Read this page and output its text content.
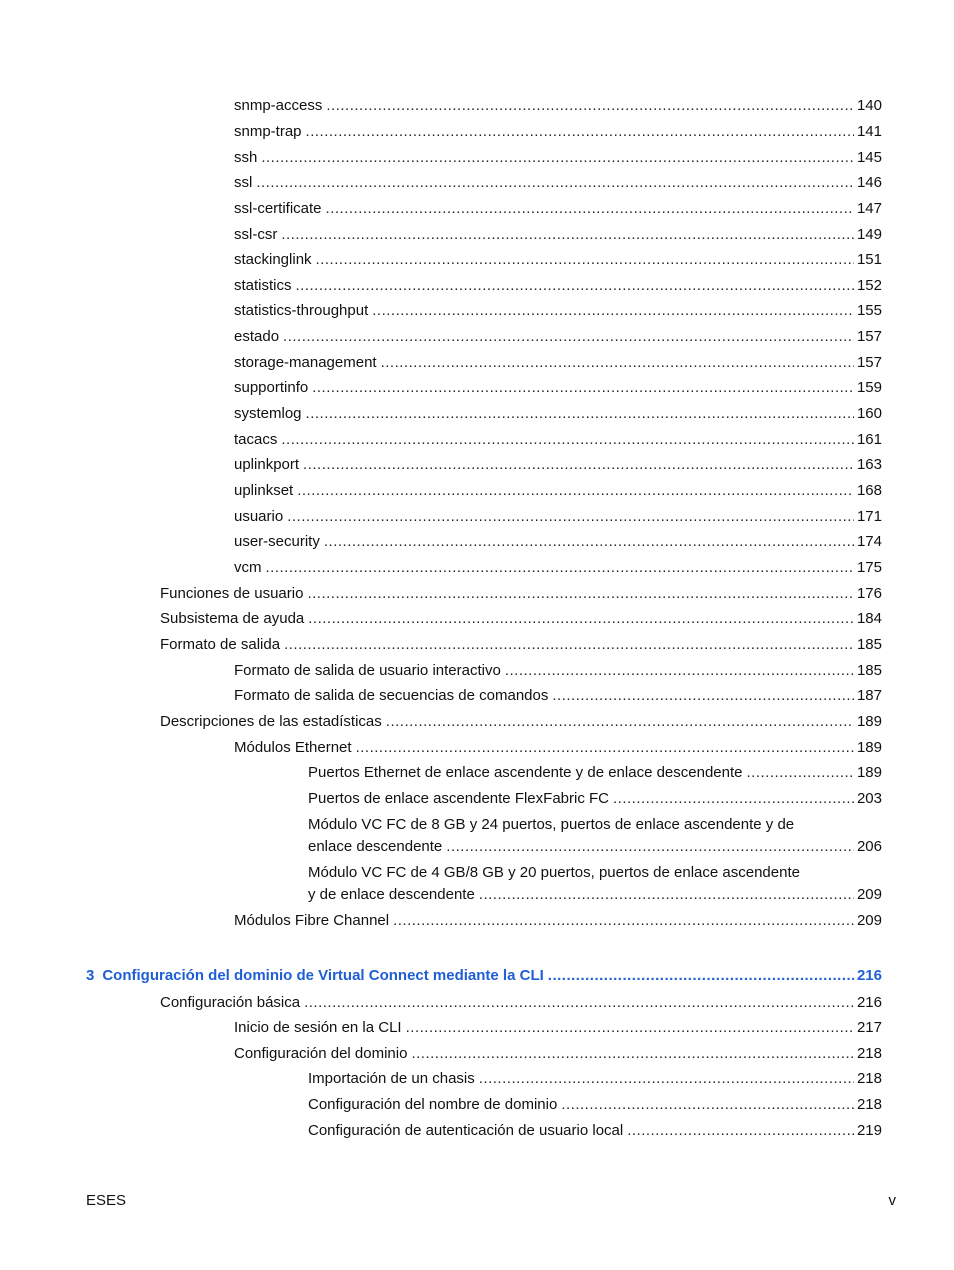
snmp-access .....	140
snmp-trap .....	141
ssh .....	145
ssl .....	146
ssl-certificate .....	147
ssl-csr .....	149
stackinglink .....	151
statistics .....	152
statistics-throughput .....	155
estado .....	157
storage-management .....	157
supportinfo .....	159
systemlog .....	160
tacacs .....	161
uplinkport .....	163
uplinkset .....	168
usuario .....	171
user-security .....	174
vcm .....	175
Funciones de usuario .....	176
Subsistema de ayuda .....	184
Formato de salida .....	185
Formato de salida de usuario interactivo .....	185
Formato de salida de secuencias de comandos .....	187
Descripciones de las estadísticas .....	189
Módulos Ethernet .....	189
Puertos Ethernet de enlace ascendente y de enlace descendente .....	189
Puertos de enlace ascendente FlexFabric FC .....	203
Módulo VC FC de 8 GB y 24 puertos, puertos de enlace ascendente y de
enlace descendente .....	206
Módulo VC FC de 4 GB/8 GB y 20 puertos, puertos de enlace ascendente
y de enlace descendente .....	209
Módulos Fibre Channel .....	209
3 Configuración del dominio de Virtual Connect mediante la CLI .....	216
Configuración básica .....	216
Inicio de sesión en la CLI .....	217
Configuración del dominio .....	218
Importación de un chasis .....	218
Configuración del nombre de dominio .....	218
Configuración de autenticación de usuario local .....	219
ESES	v
